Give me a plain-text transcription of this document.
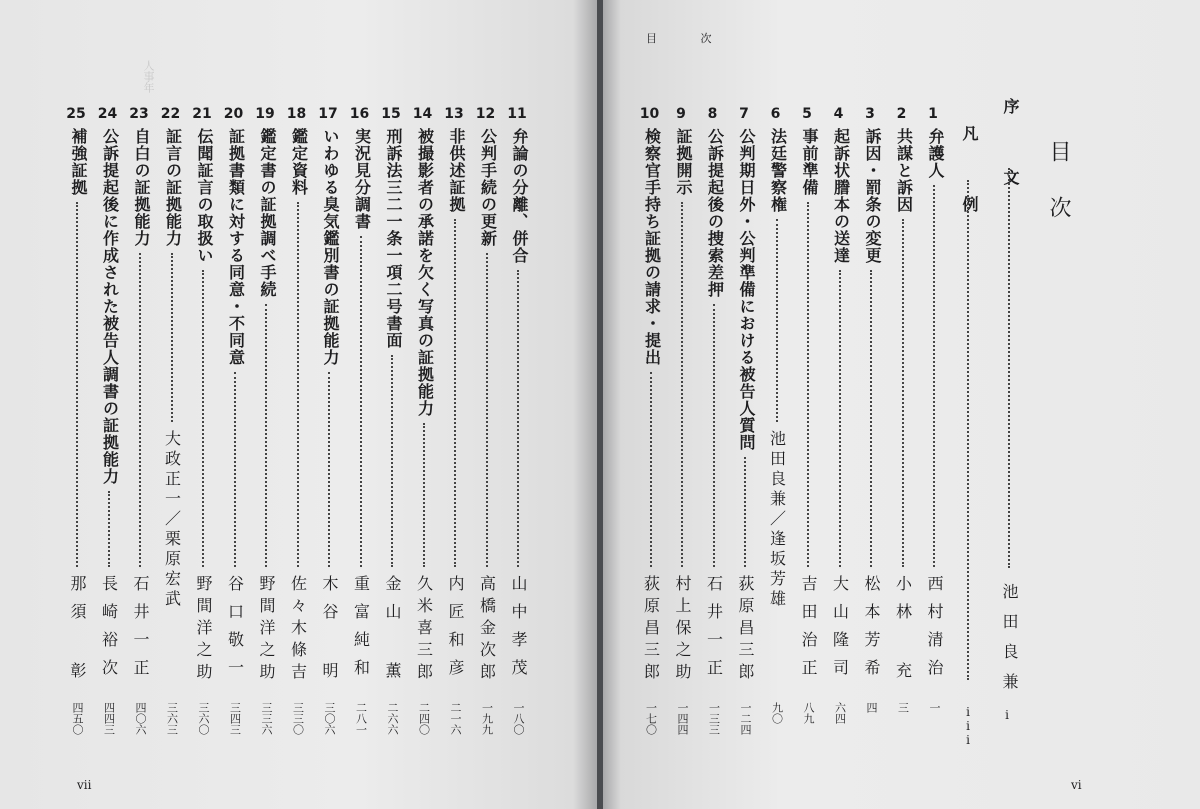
人事年
11
弁論の分離、併合
山中孝茂
一八〇
12
公判手続の更新
高橋金次郎
一九九
13
非供述証拠
内匠和彦
二一六
14
被撮影者の承諾を欠く写真の証拠能力
久米喜三郎
二四〇
15
刑訴法三二一条一項二号書面
金山 薫
二六六
16
実況見分調書
重富純和
二八一
17
いわゆる臭気鑑別書の証拠能力
木谷 明
三〇六
18
鑑定資料
佐々木條吉
三三〇
19
鑑定書の証拠調べ手続
野間洋之助
三三六
20
証拠書類に対する同意・不同意
谷口敬一
三四三
21
伝聞証言の取扱い
野間洋之助
三六〇
22
証言の証拠能力
大政正一／栗原宏武
三六三
23
自白の証拠能力
石井一正
四〇六
24
公訴提起後に作成された被告人調書の証拠能力
長崎裕次
四四三
25
補強証拠
那須 彰
四五〇
vii
目 次
目次
序 文
池田良兼
i
凡 例
iii
1
弁護人
西村清治
一
2
共謀と訴因
小林 充
三
3
訴因・罰条の変更
松本芳希
四
4
起訴状謄本の送達
大山隆司
六四
5
事前準備
吉田治正
八九
6
法廷警察権
池田良兼／逢坂芳雄
九〇
7
公判期日外・公判準備における被告人質問
荻原昌三郎
一二四
8
公訴提起後の捜索差押
石井一正
一三三
9
証拠開示
村上保之助
一四四
10
検察官手持ち証拠の請求・提出
荻原昌三郎
一七〇
vi
